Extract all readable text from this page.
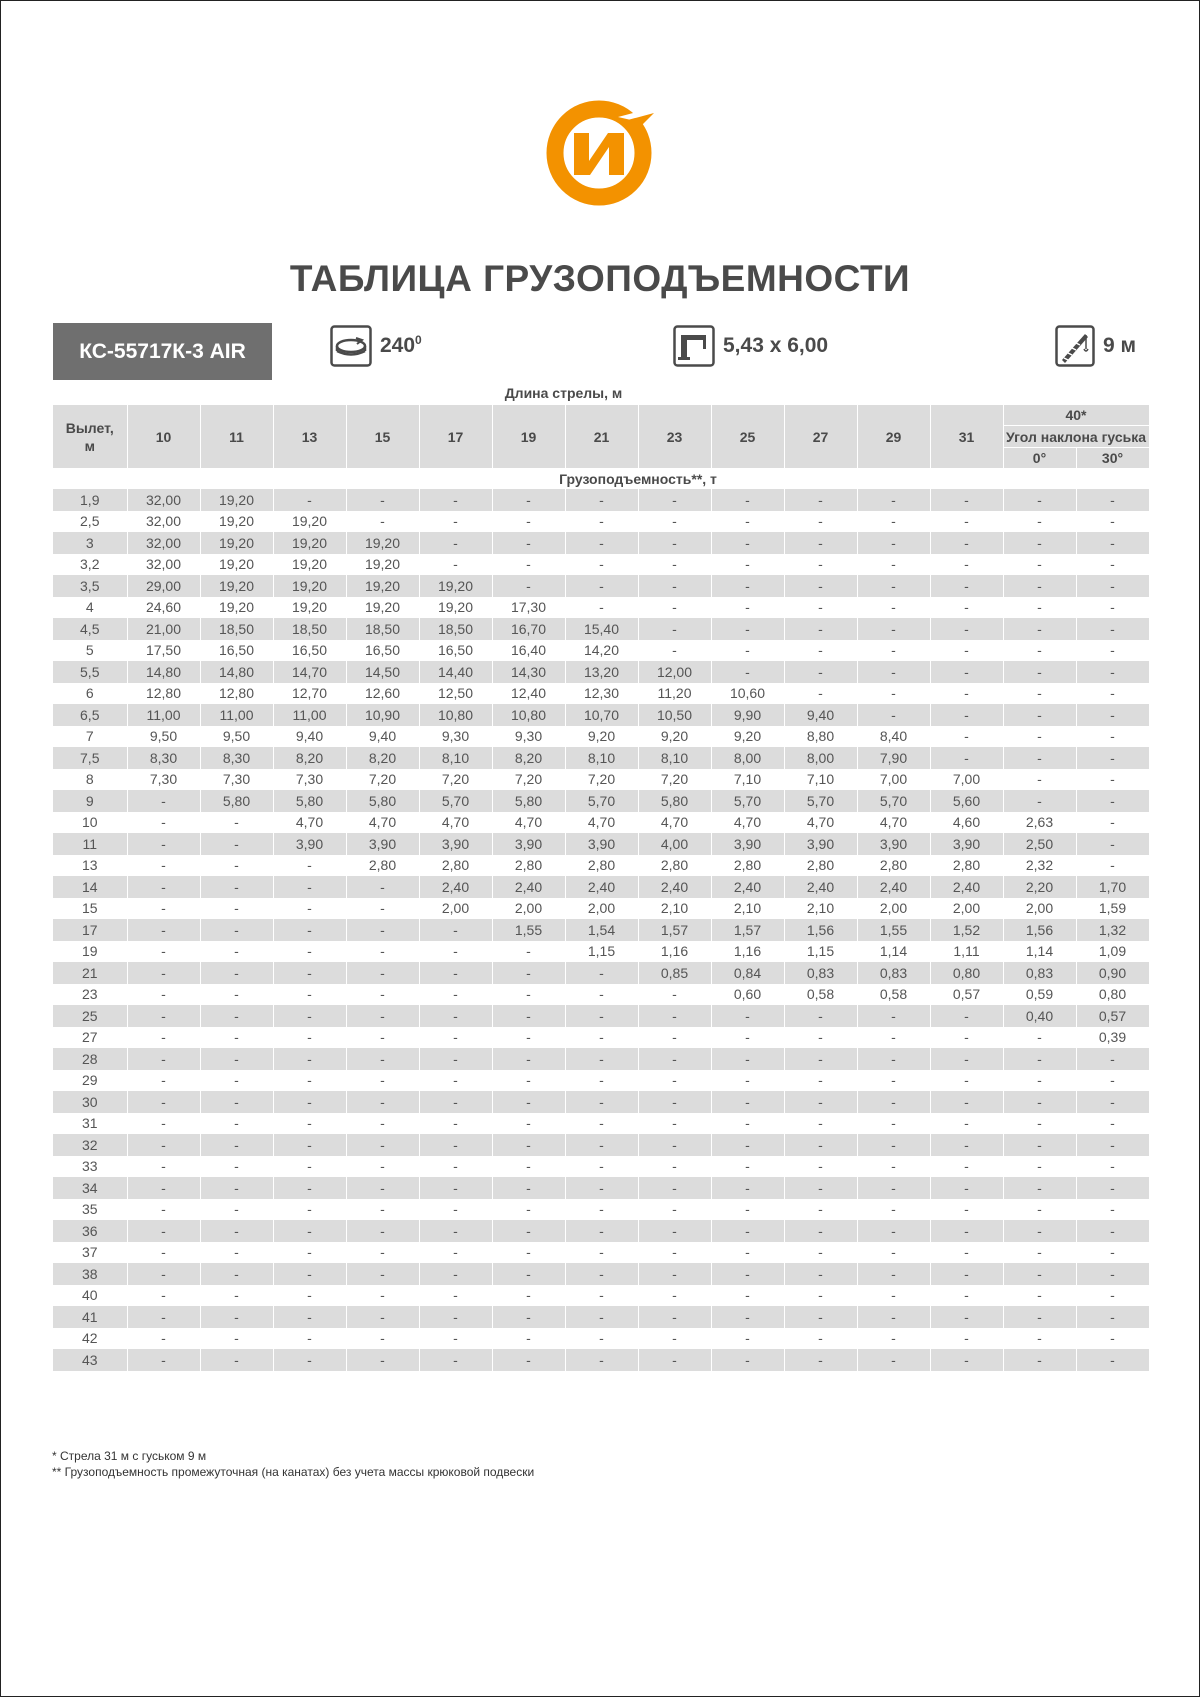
ТАБЛИЦА ГРУЗОПОДЪЕМНОСТИ
КС-55717К-3 AIR	$240^0$	5,43 х 6,00	9 м
Длина стрелы, м
Вылет,
м	10	11	13	15	17	19	21	23	25	27	29	31	40*	
													Угол наклона гуська	
													0°	30°
	Грузоподъемность**, т													
1,9	32,00	19,20	-	-	-	-	-	-	-	-	-	-	-	-
2,5	32,00	19,20	19,20	-	-	-	-	-	-	-	-	-	-	-
3	32,00	19,20	19,20	19,20	-	-	-	-	-	-	-	-	-	-
3,2	32,00	19,20	19,20	19,20	-	-	-	-	-	-	-	-	-	-
3,5	29,00	19,20	19,20	19,20	19,20	-	-	-	-	-	-	-	-	-
4	24,60	19,20	19,20	19,20	19,20	17,30	-	-	-	-	-	-	-	-
4,5	21,00	18,50	18,50	18,50	18,50	16,70	15,40	-	-	-	-	-	-	-
5	17,50	16,50	16,50	16,50	16,50	16,40	14,20	-	-	-	-	-	-	-
5,5	14,80	14,80	14,70	14,50	14,40	14,30	13,20	12,00	-	-	-	-	-	-
6	12,80	12,80	12,70	12,60	12,50	12,40	12,30	11,20	10,60	-	-	-	-	-
6,5	11,00	11,00	11,00	10,90	10,80	10,80	10,70	10,50	9,90	9,40	-	-	-	-
7	9,50	9,50	9,40	9,40	9,30	9,30	9,20	9,20	9,20	8,80	8,40	-	-	-
7,5	8,30	8,30	8,20	8,20	8,10	8,20	8,10	8,10	8,00	8,00	7,90	-	-	-
8	7,30	7,30	7,30	7,20	7,20	7,20	7,20	7,20	7,10	7,10	7,00	7,00	-	-
9	-	5,80	5,80	5,80	5,70	5,80	5,70	5,80	5,70	5,70	5,70	5,60	-	-
10	-	-	4,70	4,70	4,70	4,70	4,70	4,70	4,70	4,70	4,70	4,60	2,63	-
11	-	-	3,90	3,90	3,90	3,90	3,90	4,00	3,90	3,90	3,90	3,90	2,50	-
13	-	-	-	2,80	2,80	2,80	2,80	2,80	2,80	2,80	2,80	2,80	2,32	-
14	-	-	-	-	2,40	2,40	2,40	2,40	2,40	2,40	2,40	2,40	2,20	1,70
15	-	-	-	-	2,00	2,00	2,00	2,10	2,10	2,10	2,00	2,00	2,00	1,59
17	-	-	-	-	-	1,55	1,54	1,57	1,57	1,56	1,55	1,52	1,56	1,32
19	-	-	-	-	-	-	1,15	1,16	1,16	1,15	1,14	1,11	1,14	1,09
21	-	-	-	-	-	-	-	0,85	0,84	0,83	0,83	0,80	0,83	0,90
23	-	-	-	-	-	-	-	-	0,60	0,58	0,58	0,57	0,59	0,80
25	-	-	-	-	-	-	-	-	-	-	-	-	0,40	0,57
27	-	-	-	-	-	-	-	-	-	-	-	-	-	0,39
28	-	-	-	-	-	-	-	-	-	-	-	-	-	-
29	-	-	-	-	-	-	-	-	-	-	-	-	-	-
30	-	-	-	-	-	-	-	-	-	-	-	-	-	-
31	-	-	-	-	-	-	-	-	-	-	-	-	-	-
32	-	-	-	-	-	-	-	-	-	-	-	-	-	-
33	-	-	-	-	-	-	-	-	-	-	-	-	-	-
34	-	-	-	-	-	-	-	-	-	-	-	-	-	-
35	-	-	-	-	-	-	-	-	-	-	-	-	-	-
36	-	-	-	-	-	-	-	-	-	-	-	-	-	-
37	-	-	-	-	-	-	-	-	-	-	-	-	-	-
38	-	-	-	-	-	-	-	-	-	-	-	-	-	-
40	-	-	-	-	-	-	-	-	-	-	-	-	-	-
41	-	-	-	-	-	-	-	-	-	-	-	-	-	-
42	-	-	-	-	-	-	-	-	-	-	-	-	-	-
43	-	-	-	-	-	-	-	-	-	-	-	-	-	-
* Стрела 31 м с гуськом 9 м
** Грузоподъемность промежуточная (на канатах) без учета массы крюковой подвески
